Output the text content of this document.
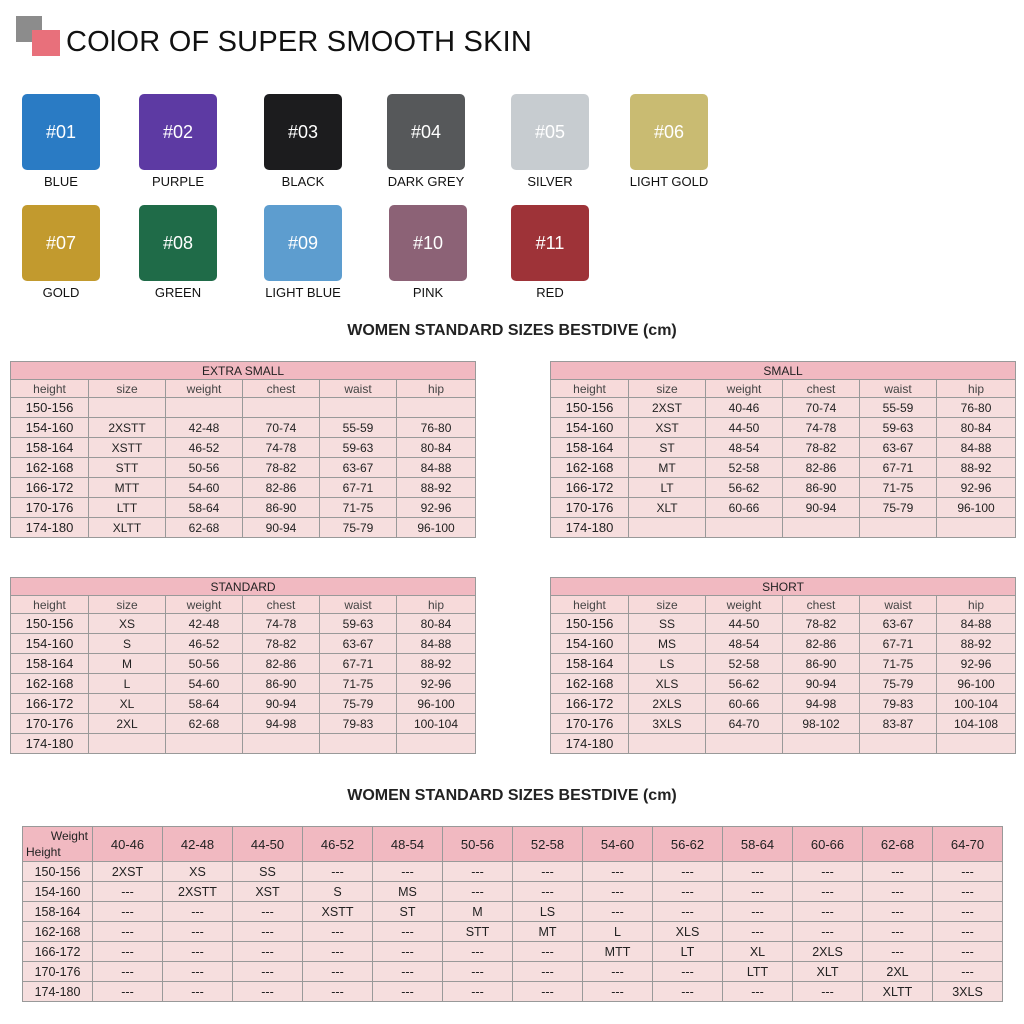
COlOR OF SUPER SMOOTH SKIN
#01
BLUE
#02
PURPLE
#03
BLACK
#04
DARK GREY
#05
SILVER
#06
LIGHT GOLD
#07
GOLD
#08
GREEN
#09
LIGHT BLUE
#10
PINK
#11
RED
WOMEN STANDARD SIZES BESTDIVE (cm)
EXTRA SMALL					
height	size	weight	chest	waist	hip
150-156					
154-160	2XSTT	42-48	70-74	55-59	76-80
158-164	XSTT	46-52	74-78	59-63	80-84
162-168	STT	50-56	78-82	63-67	84-88
166-172	MTT	54-60	82-86	67-71	88-92
170-176	LTT	58-64	86-90	71-75	92-96
174-180	XLTT	62-68	90-94	75-79	96-100
SMALL					
height	size	weight	chest	waist	hip
150-156	2XST	40-46	70-74	55-59	76-80
154-160	XST	44-50	74-78	59-63	80-84
158-164	ST	48-54	78-82	63-67	84-88
162-168	MT	52-58	82-86	67-71	88-92
166-172	LT	56-62	86-90	71-75	92-96
170-176	XLT	60-66	90-94	75-79	96-100
174-180					
STANDARD					
height	size	weight	chest	waist	hip
150-156	XS	42-48	74-78	59-63	80-84
154-160	S	46-52	78-82	63-67	84-88
158-164	M	50-56	82-86	67-71	88-92
162-168	L	54-60	86-90	71-75	92-96
166-172	XL	58-64	90-94	75-79	96-100
170-176	2XL	62-68	94-98	79-83	100-104
174-180					
SHORT					
height	size	weight	chest	waist	hip
150-156	SS	44-50	78-82	63-67	84-88
154-160	MS	48-54	82-86	67-71	88-92
158-164	LS	52-58	86-90	71-75	92-96
162-168	XLS	56-62	90-94	75-79	96-100
166-172	2XLS	60-66	94-98	79-83	100-104
170-176	3XLS	64-70	98-102	83-87	104-108
174-180					
WOMEN STANDARD SIZES BESTDIVE (cm)
Weight
Height	40-46	42-48	44-50	46-52	48-54	50-56	52-58	54-60	56-62	58-64	60-66	62-68	64-70
150-156	2XST	XS	SS	---	---	---	---	---	---	---	---	---	---
154-160	---	2XSTT	XST	S	MS	---	---	---	---	---	---	---	---
158-164	---	---	---	XSTT	ST	M	LS	---	---	---	---	---	---
162-168	---	---	---	---	---	STT	MT	L	XLS	---	---	---	---
166-172	---	---	---	---	---	---	---	MTT	LT	XL	2XLS	---	---
170-176	---	---	---	---	---	---	---	---	---	LTT	XLT	2XL	---
174-180	---	---	---	---	---	---	---	---	---	---	---	XLTT	3XLS
